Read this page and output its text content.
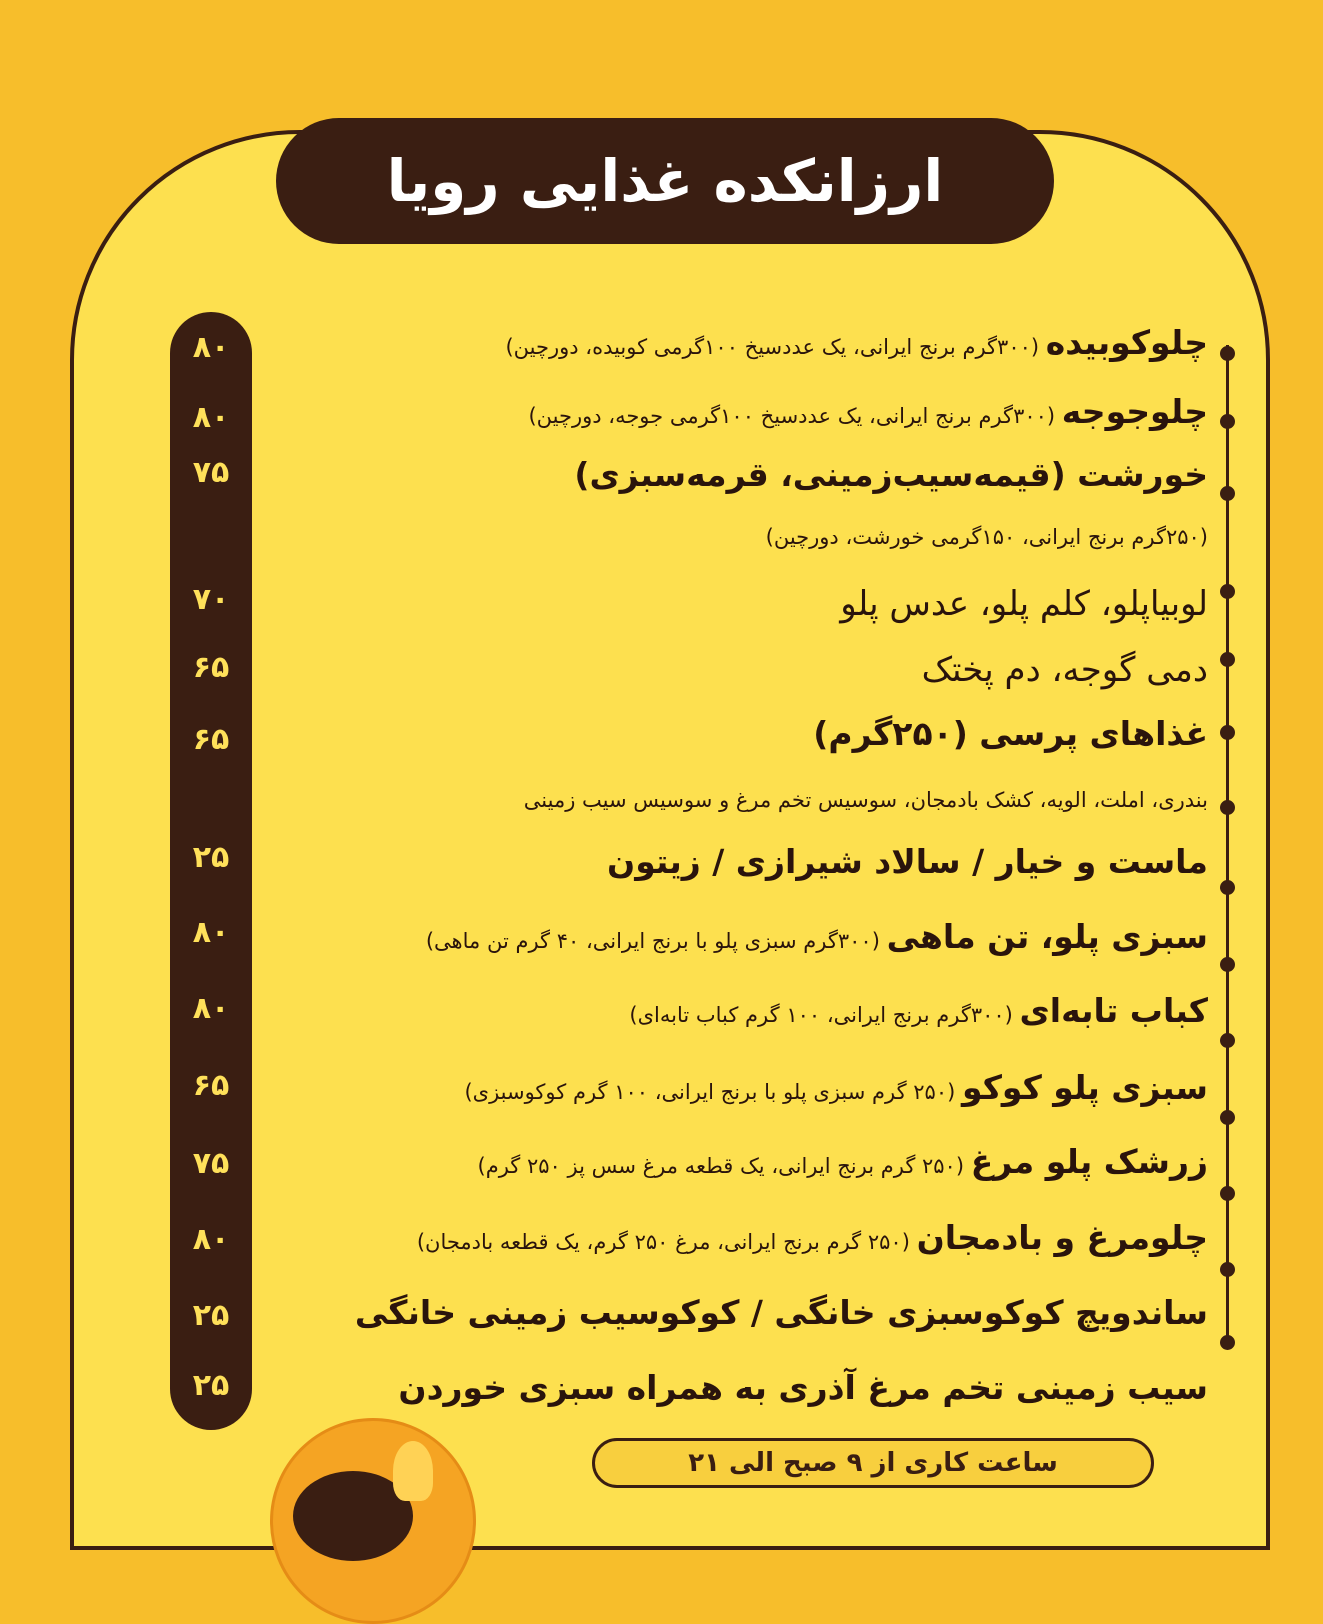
ارزانکده غذایی رویا
چلوکوبیده (۳۰۰گرم برنج ایرانی، یک عددسیخ ۱۰۰گرمی کوبیده، دورچین)
۸۰
چلوجوجه (۳۰۰گرم برنج ایرانی، یک عددسیخ ۱۰۰گرمی جوجه، دورچین)
۸۰
خورشت (قیمه‌سیب‌زمینی، قرمه‌سبزی)
۷۵
(۲۵۰گرم برنج ایرانی، ۱۵۰گرمی خورشت، دورچین)
لوبیاپلو، کلم پلو، عدس پلو
۷۰
دمی گوجه، دم پختک
۶۵
غذاهای پرسی (۲۵۰گرم)
۶۵
بندری، املت، الویه، کشک بادمجان، سوسیس تخم مرغ و سوسیس سیب زمینی
ماست و خیار / سالاد شیرازی / زیتون
۲۵
سبزی پلو، تن ماهی (۳۰۰گرم سبزی پلو با برنج ایرانی، ۴۰ گرم تن ماهی)
۸۰
کباب تابه‌ای (۳۰۰گرم برنج ایرانی، ۱۰۰ گرم کباب تابه‌ای)
۸۰
سبزی پلو کوکو (۲۵۰ گرم سبزی پلو با برنج ایرانی، ۱۰۰ گرم کوکوسبزی)
۶۵
زرشک پلو مرغ (۲۵۰ گرم برنج ایرانی، یک قطعه مرغ سس پز ۲۵۰ گرم)
۷۵
چلومرغ و بادمجان (۲۵۰ گرم برنج ایرانی، مرغ ۲۵۰ گرم، یک قطعه بادمجان)
۸۰
ساندویچ کوکوسبزی خانگی / کوکوسیب زمینی خانگی
۲۵
سیب زمینی تخم مرغ آذری به همراه سبزی خوردن
۲۵
ساعت کاری از ۹ صبح الی ۲۱
